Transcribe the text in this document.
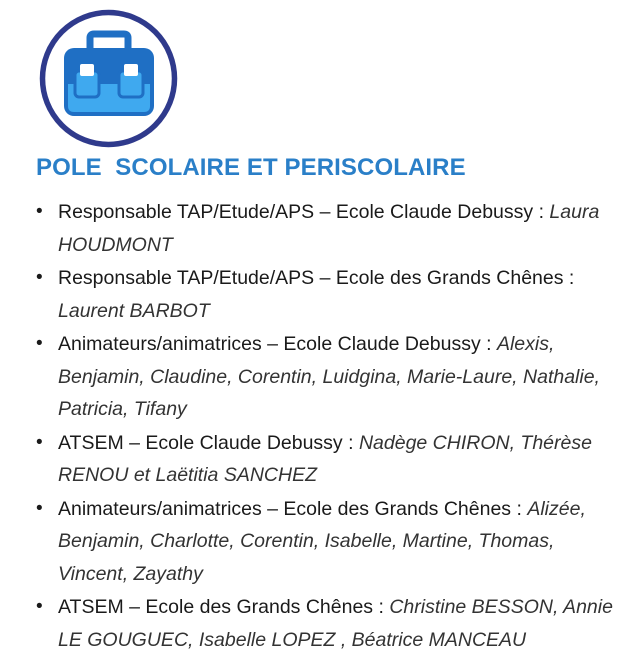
POLE  SCOLAIRE ET PERISCOLAIRE
• Responsable TAP/Etude/APS – Ecole Claude Debussy : Laura HOUDMONT
• Responsable TAP/Etude/APS – Ecole des Grands Chênes : Laurent BARBOT
• Animateurs/animatrices – Ecole Claude Debussy : Alexis, Benjamin, Claudine, Corentin, Luidgina, Marie-Laure, Nathalie, Patricia, Tifany
• ATSEM – Ecole Claude Debussy : Nadège CHIRON, Thérèse RENOU et Laëtitia SANCHEZ
• Animateurs/animatrices – Ecole des Grands Chênes : Alizée, Benjamin, Charlotte, Corentin, Isabelle, Martine, Thomas, Vincent, Zayathy
• ATSEM – Ecole des Grands Chênes : Christine BESSON, Annie LE GOUGUEC, Isabelle LOPEZ , Béatrice MANCEAU
